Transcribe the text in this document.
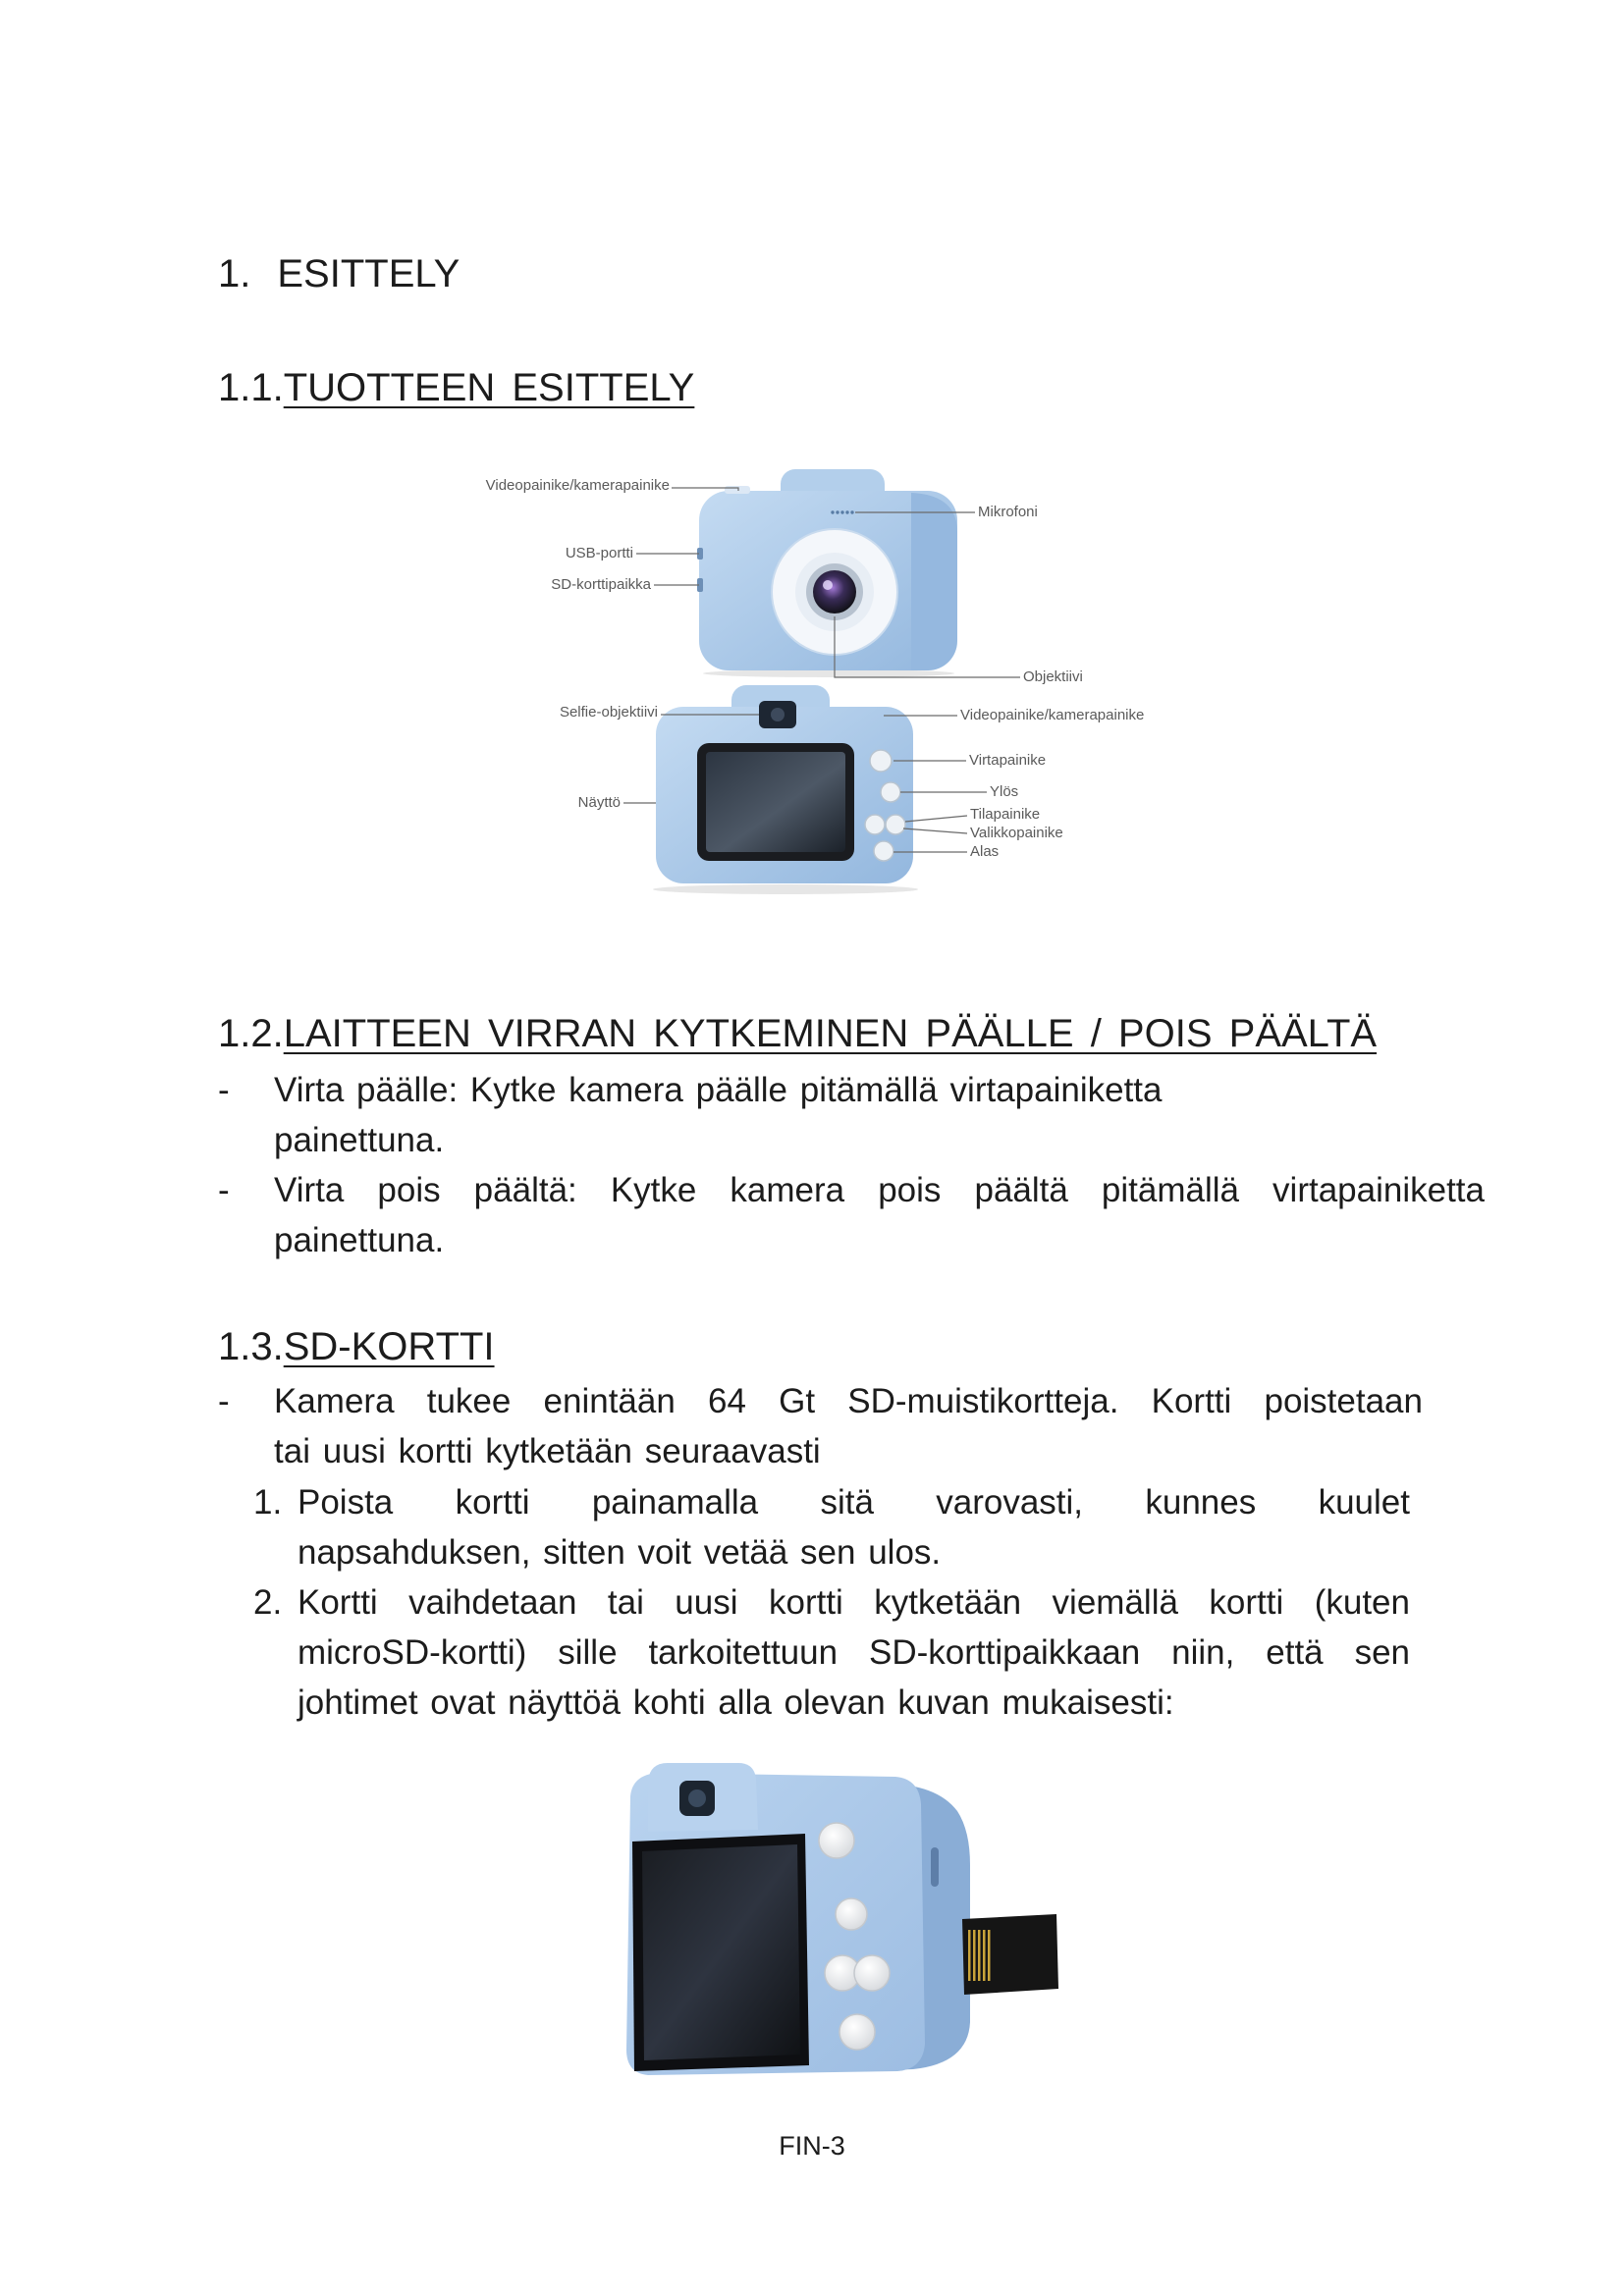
1. ESITTELY
1.1.TUOTTEEN ESITTELY
Videopainike/kamerapainike
Mikrofoni
USB-portti
SD-korttipaikka
Objektiivi
Selfie-objektiivi	Videopainike/kamerapainike
Virtapainike
Näyttö
Ylös
Tilapainike
Valikkopainike
Alas
1.2.LAITTEEN VIRRAN KYTKEMINEN PÄÄLLE / POIS PÄÄLTÄ
- Virta päälle: Kytke kamera päälle pitämällä virtapainiketta
painettuna.
- Virta pois päältä: Kytke kamera pois päältä pitämällä virtapainiketta
painettuna.
1.3.SD-KORTTI
- Kamera tukee enintään 64 Gt SD-muistikortteja. Kortti poistetaan
tai uusi kortti kytketään seuraavasti
1. Poista kortti painamalla sitä varovasti, kunnes kuulet
napsahduksen, sitten voit vetää sen ulos.
2. Kortti vaihdetaan tai uusi kortti kytketään viemällä kortti (kuten
microSD-kortti) sille tarkoitettuun SD-korttipaikkaan niin, että sen
johtimet ovat näyttöä kohti alla olevan kuvan mukaisesti:
FIN-3
